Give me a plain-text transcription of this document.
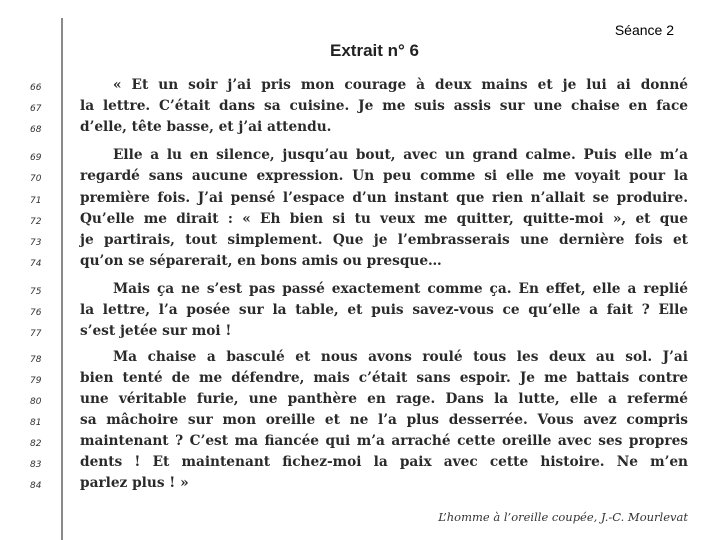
Séance 2
Extrait n° 6
66
67
68
69
70
71
72
73
74
75
76
77
78
79
80
81
82
83
84
« Et un soir j’ai pris mon courage à deux mains et je lui ai donné
la lettre. C’était dans sa cuisine. Je me suis assis sur une chaise en face
d’elle, tête basse, et j’ai attendu.
Elle a lu en silence, jusqu’au bout, avec un grand calme. Puis elle m’a
regardé sans aucune expression. Un peu comme si elle me voyait pour la
première fois. J’ai pensé l’espace d’un instant que rien n’allait se produire.
Qu’elle me dirait : « Eh bien si tu veux me quitter, quitte-moi », et que
je partirais, tout simplement. Que je l’embrasserais une dernière fois et
qu’on se séparerait, en bons amis ou presque…
Mais ça ne s’est pas passé exactement comme ça. En effet, elle a replié
la lettre, l’a posée sur la table, et puis savez-vous ce qu’elle a fait ? Elle
s’est jetée sur moi !
Ma chaise a basculé et nous avons roulé tous les deux au sol. J’ai
bien tenté de me défendre, mais c’était sans espoir. Je me battais contre
une véritable furie, une panthère en rage. Dans la lutte, elle a refermé
sa mâchoire sur mon oreille et ne l’a plus desserrée. Vous avez compris
maintenant ? C’est ma fiancée qui m’a arraché cette oreille avec ses propres
dents ! Et maintenant fichez-moi la paix avec cette histoire. Ne m’en
parlez plus ! »
L’homme à l’oreille coupée, J.-C. Mourlevat
